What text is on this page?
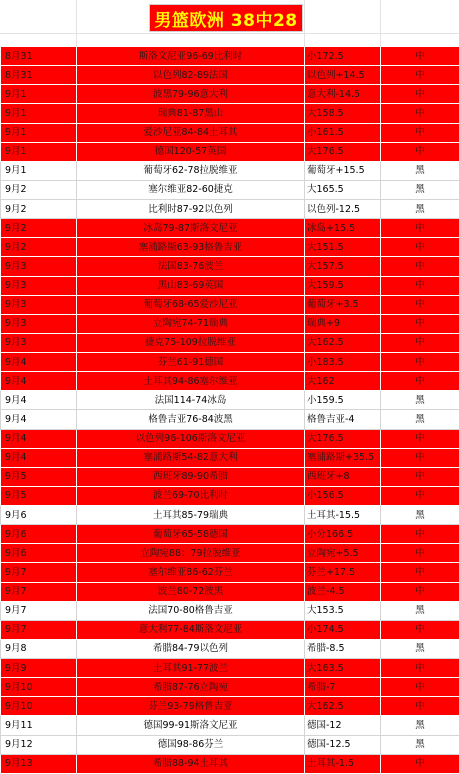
男篮欧洲 38中28
8月31	斯洛文尼亚96-69比利时	小172.5	中
8月31	以色列82-89法国	以色列+14.5	中
9月1	波黑79-96意大利	意大利-14.5	中
9月1	瑞典81-87黑山	大158.5	中
9月1	爱沙尼亚84-84土耳其	小161.5	中
9月1	德国120-57英国	大176.5	中
9月1	葡萄牙62-78拉脱维亚	葡萄牙+15.5	黑
9月2	塞尔维亚82-60捷克	大165.5	黑
9月2	比利时87-92以色列	以色列-12.5	黑
9月2	冰岛79-87斯洛文尼亚	冰岛+15.5	中
9月2	塞浦路斯63-93格鲁吉亚	大151.5	中
9月3	法国83-76波兰	大157.5	中
9月3	黑山83-69英国	大159.5	中
9月3	葡萄牙68-65爱沙尼亚	葡萄牙+3.5	中
9月3	立陶宛74-71瑞典	瑞典+9	中
9月3	捷克75-109拉脱维亚	大162.5	中
9月4	芬兰61-91德国	小183.5	中
9月4	土耳其94-86塞尔维亚	大162	中
9月4	法国114-74冰岛	小159.5	黑
9月4	格鲁吉亚76-84波黑	格鲁吉亚-4	黑
9月4	以色列96-106斯洛文尼亚	大176.5	中
9月4	塞浦路斯54-82意大利	塞浦路斯+35.5	中
9月5	西班牙89-90希腊	西班牙+8	中
9月5	波兰69-70比利时	小156.5	中
9月6	土耳其85-79瑞典	土耳其-15.5	黑
9月6	葡萄牙65-58德国	小分166.5	中
9月6	立陶宛88：79拉脱维亚	立陶宛+5.5	中
9月7	塞尔维亚86-62芬兰	芬兰+17.5	中
9月7	波兰80-72波黑	波兰-4.5	中
9月7	法国70-80格鲁吉亚	大153.5	黑
9月7	意大利77-84斯洛文尼亚	小174.5	中
9月8	希腊84-79以色列	希腊-8.5	黑
9月9	土耳其91-77波兰	大163.5	中
9月10	希腊87-76立陶宛	希腊-7	中
9月10	芬兰93-79格鲁吉亚	大162.5	中
9月11	德国99-91斯洛文尼亚	德国-12	黑
9月12	德国98-86芬兰	德国-12.5	黑
9月13	希腊88-94土耳其	土耳其-1.5	中
